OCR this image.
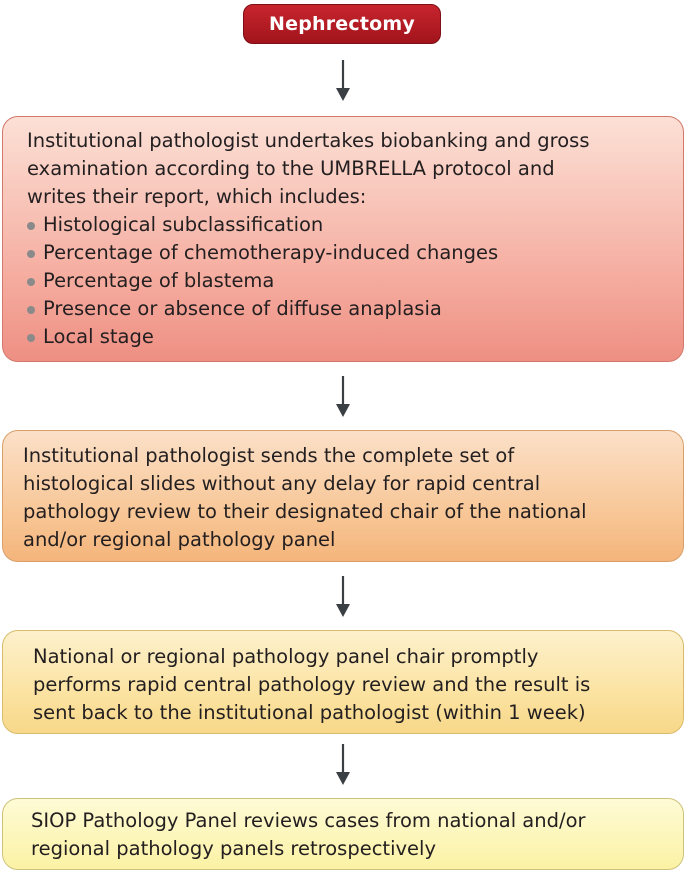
Nephrectomy
Institutional pathologist undertakes biobanking and gross
examination according to the UMBRELLA protocol and
writes their report, which includes:
Histological subclassification
Percentage of chemotherapy-induced changes
Percentage of blastema
Presence or absence of diffuse anaplasia
Local stage
Institutional pathologist sends the complete set of
histological slides without any delay for rapid central
pathology review to their designated chair of the national
and/or regional pathology panel
National or regional pathology panel chair promptly
performs rapid central pathology review and the result is
sent back to the institutional pathologist (within 1 week)
SIOP Pathology Panel reviews cases from national and/or
regional pathology panels retrospectively
